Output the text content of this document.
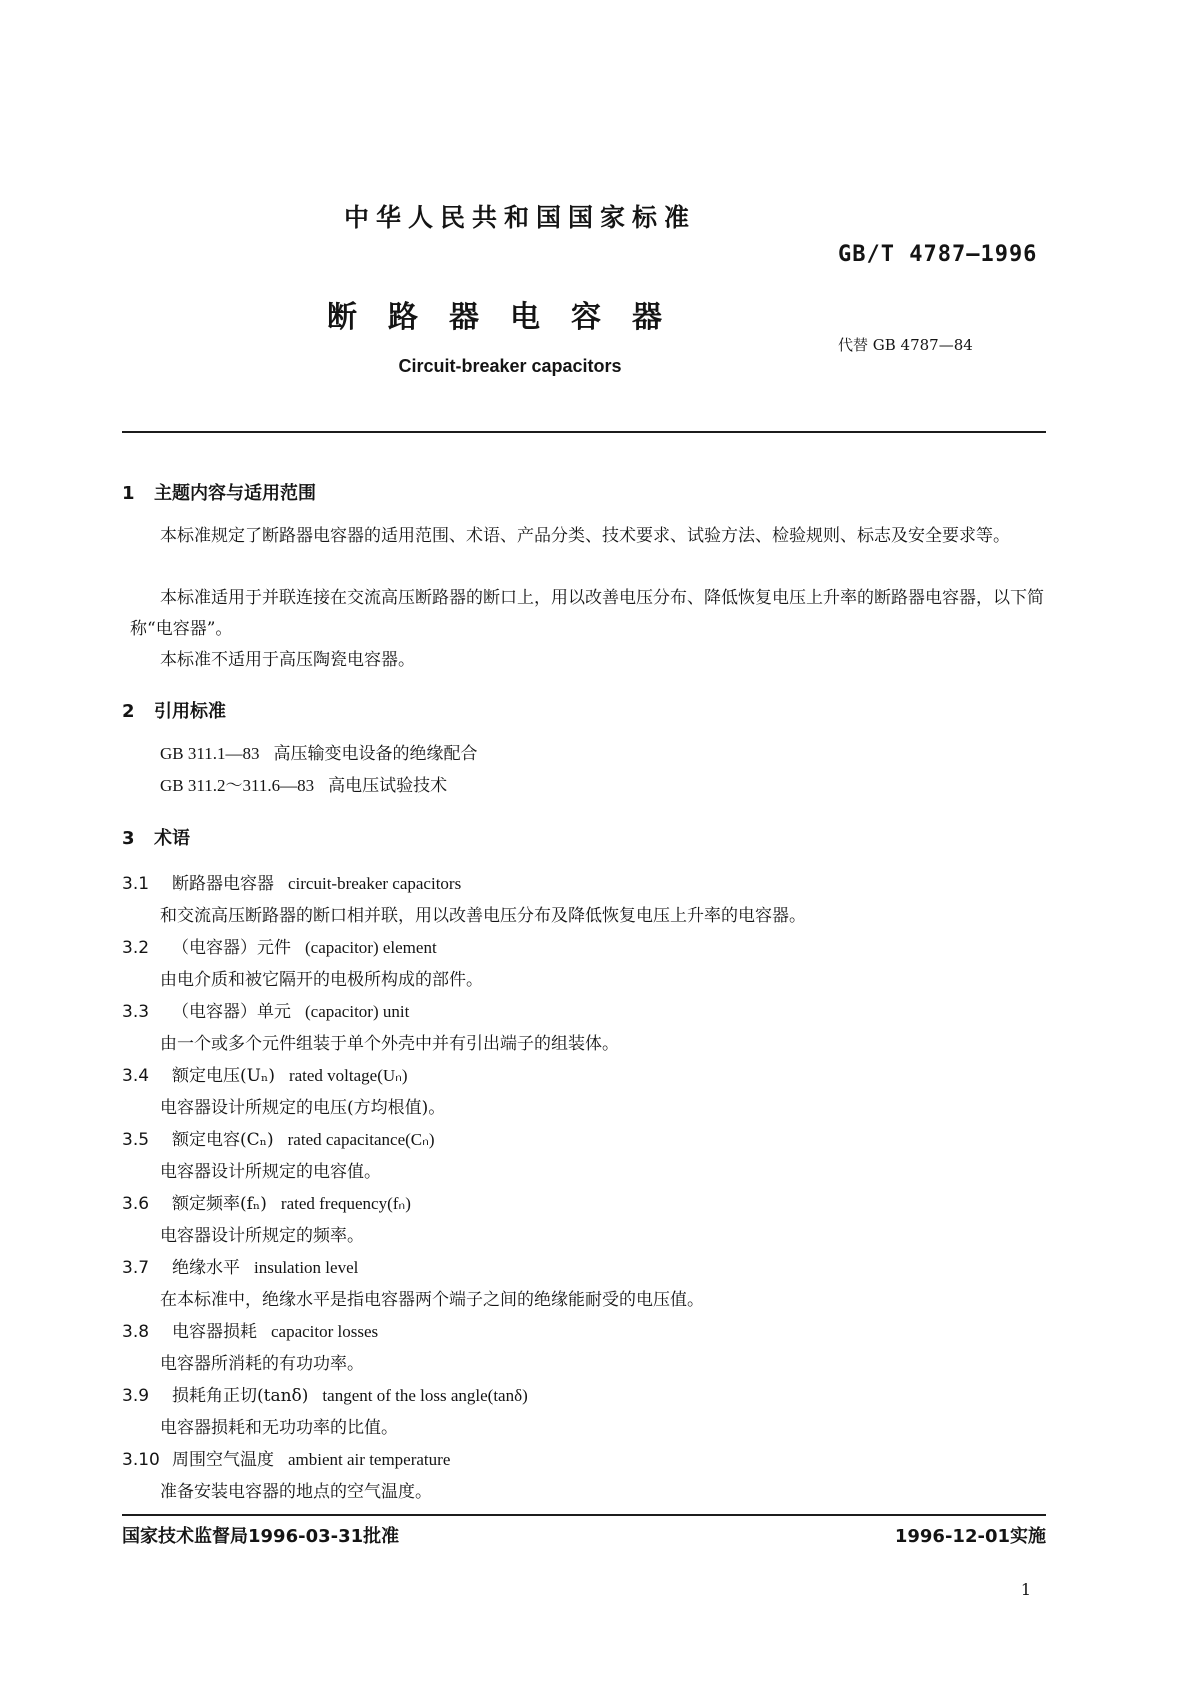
中华人民共和国国家标准
GB/T 4787—1996
断路器电容器
代替 GB 4787—84
Circuit-breaker capacitors
1 主题内容与适用范围
本标准规定了断路器电容器的适用范围、术语、产品分类、技术要求、试验方法、检验规则、标志及安全要求等。
本标准适用于并联连接在交流高压断路器的断口上，用以改善电压分布、降低恢复电压上升率的断路器电容器，以下简称“电容器”。
本标准不适用于高压陶瓷电容器。
2 引用标准
GB 311.1—83 高压输变电设备的绝缘配合
GB 311.2～311.6—83 高电压试验技术
3 术语
3.1 断路器电容器 circuit-breaker capacitors
和交流高压断路器的断口相并联，用以改善电压分布及降低恢复电压上升率的电容器。
3.2 （电容器）元件 (capacitor) element
由电介质和被它隔开的电极所构成的部件。
3.3 （电容器）单元 (capacitor) unit
由一个或多个元件组装于单个外壳中并有引出端子的组装体。
3.4 额定电压(Uₙ) rated voltage(Uₙ)
电容器设计所规定的电压(方均根值)。
3.5 额定电容(Cₙ) rated capacitance(Cₙ)
电容器设计所规定的电容值。
3.6 额定频率(fₙ) rated frequency(fₙ)
电容器设计所规定的频率。
3.7 绝缘水平 insulation level
在本标准中，绝缘水平是指电容器两个端子之间的绝缘能耐受的电压值。
3.8 电容器损耗 capacitor losses
电容器所消耗的有功功率。
3.9 损耗角正切(tanδ) tangent of the loss angle(tanδ)
电容器损耗和无功功率的比值。
3.10 周围空气温度 ambient air temperature
准备安装电容器的地点的空气温度。
国家技术监督局1996-03-31批准	1996-12-01实施
1
